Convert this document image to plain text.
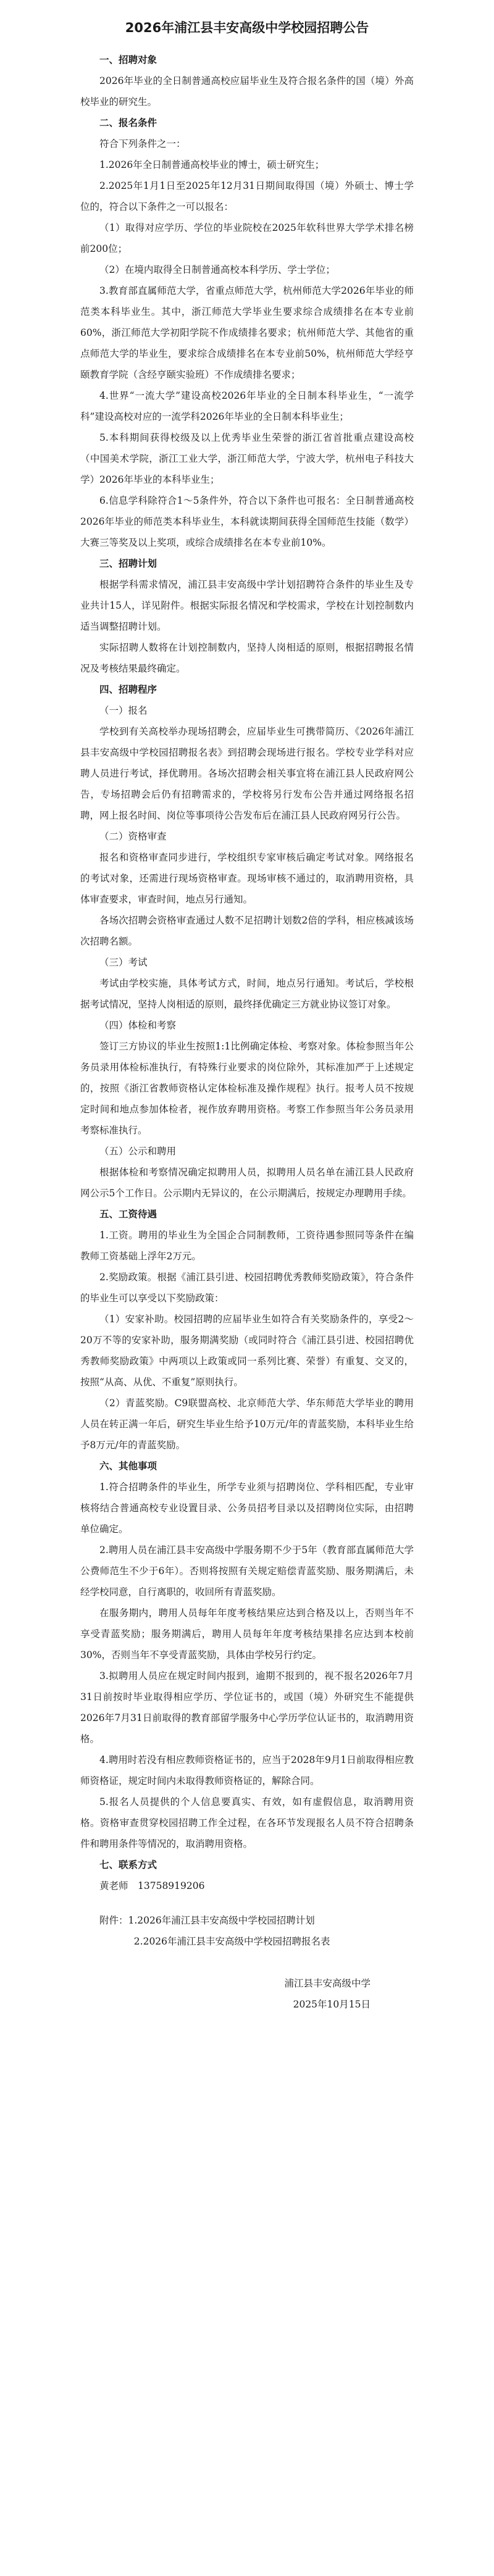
2026年浦江县丰安高级中学校园招聘公告
一、招聘对象
2026年毕业的全日制普通高校应届毕业生及符合报名条件的国（境）外高校毕业的研究生。
二、报名条件
符合下列条件之一：
1.2026年全日制普通高校毕业的博士，硕士研究生；
2.2025年1月1日至2025年12月31日期间取得国（境）外硕士、博士学位的，符合以下条件之一可以报名：
（1）取得对应学历、学位的毕业院校在2025年软科世界大学学术排名榜前200位；
（2）在境内取得全日制普通高校本科学历、学士学位；
3.教育部直属师范大学，省重点师范大学，杭州师范大学2026年毕业的师范类本科毕业生。其中，浙江师范大学毕业生要求综合成绩排名在本专业前60%，浙江师范大学初阳学院不作成绩排名要求；杭州师范大学、其他省的重点师范大学的毕业生，要求综合成绩排名在本专业前50%，杭州师范大学经亨颐教育学院（含经亨颐实验班）不作成绩排名要求；
4.世界“一流大学”建设高校2026年毕业的全日制本科毕业生，“一流学科”建设高校对应的一流学科2026年毕业的全日制本科毕业生；
5.本科期间获得校级及以上优秀毕业生荣誉的浙江省首批重点建设高校（中国美术学院，浙江工业大学，浙江师范大学，宁波大学，杭州电子科技大学）2026年毕业的本科毕业生；
6.信息学科除符合1～5条件外，符合以下条件也可报名：全日制普通高校2026年毕业的师范类本科毕业生，本科就读期间获得全国师范生技能（数学）大赛三等奖及以上奖项，或综合成绩排名在本专业前10%。
三、招聘计划
根据学科需求情况，浦江县丰安高级中学计划招聘符合条件的毕业生及专业共计15人，详见附件。根据实际报名情况和学校需求，学校在计划控制数内适当调整招聘计划。
实际招聘人数将在计划控制数内，坚持人岗相适的原则，根据招聘报名情况及考核结果最终确定。
四、招聘程序
（一）报名
学校到有关高校举办现场招聘会，应届毕业生可携带简历、《2026年浦江县丰安高级中学校园招聘报名表》到招聘会现场进行报名。学校专业学科对应聘人员进行考试，择优聘用。各场次招聘会相关事宜将在浦江县人民政府网公告，专场招聘会后仍有招聘需求的，学校将另行发布公告并通过网络报名招聘，网上报名时间、岗位等事项待公告发布后在浦江县人民政府网另行公告。
（二）资格审查
报名和资格审查同步进行，学校组织专家审核后确定考试对象。网络报名的考试对象，还需进行现场资格审查。现场审核不通过的，取消聘用资格，具体审查要求，审查时间，地点另行通知。
各场次招聘会资格审查通过人数不足招聘计划数2倍的学科，相应核减该场次招聘名额。
（三）考试
考试由学校实施，具体考试方式，时间，地点另行通知。考试后，学校根据考试情况，坚持人岗相适的原则，最终择优确定三方就业协议签订对象。
（四）体检和考察
签订三方协议的毕业生按照1:1比例确定体检、考察对象。体检参照当年公务员录用体检标准执行，有特殊行业要求的岗位除外，其标准加严于上述规定的，按照《浙江省教师资格认定体检标准及操作规程》执行。报考人员不按规定时间和地点参加体检者，视作放弃聘用资格。考察工作参照当年公务员录用考察标准执行。
（五）公示和聘用
根据体检和考察情况确定拟聘用人员，拟聘用人员名单在浦江县人民政府网公示5个工作日。公示期内无异议的，在公示期满后，按规定办理聘用手续。
五、工资待遇
1.工资。聘用的毕业生为全国企合同制教师，工资待遇参照同等条件在编教师工资基础上浮年2万元。
2.奖励政策。根据《浦江县引进、校园招聘优秀教师奖励政策》，符合条件的毕业生可以享受以下奖励政策：
（1）安家补助。校园招聘的应届毕业生如符合有关奖励条件的，享受2～20万不等的安家补助，服务期满奖励（或同时符合《浦江县引进、校园招聘优秀教师奖励政策》中两项以上政策或同一系列比赛、荣誉）有重复、交叉的，按照“从高、从优、不重复”原则执行。
（2）青蓝奖励。C9联盟高校、北京师范大学、华东师范大学毕业的聘用人员在转正满一年后，研究生毕业生给予10万元/年的青蓝奖励，本科毕业生给予8万元/年的青蓝奖励。
六、其他事项
1.符合招聘条件的毕业生，所学专业须与招聘岗位、学科相匹配，专业审核将结合普通高校专业设置目录、公务员招考目录以及招聘岗位实际，由招聘单位确定。
2.聘用人员在浦江县丰安高级中学服务期不少于5年（教育部直属师范大学公费师范生不少于6年）。否则将按照有关规定赔偿青蓝奖励、服务期满后，未经学校同意，自行离职的，收回所有青蓝奖励。
在服务期内，聘用人员每年年度考核结果应达到合格及以上，否则当年不享受青蓝奖励；服务期满后，聘用人员每年年度考核结果排名应达到本校前30%，否则当年不享受青蓝奖励，具体由学校另行约定。
3.拟聘用人员应在规定时间内报到，逾期不报到的，视不报名2026年7月31日前按时毕业取得相应学历、学位证书的，或国（境）外研究生不能提供2026年7月31日前取得的教育部留学服务中心学历学位认证书的，取消聘用资格。
4.聘用时若没有相应教师资格证书的，应当于2028年9月1日前取得相应教师资格证，规定时间内未取得教师资格证的，解除合同。
5.报名人员提供的个人信息要真实、有效，如有虚假信息，取消聘用资格。资格审查贯穿校园招聘工作全过程，在各环节发现报名人员不符合招聘条件和聘用条件等情况的，取消聘用资格。
七、联系方式
黄老师　13758919206
附件：1.2026年浦江县丰安高级中学校园招聘计划
2.2026年浦江县丰安高级中学校园招聘报名表
浦江县丰安高级中学
2025年10月15日
